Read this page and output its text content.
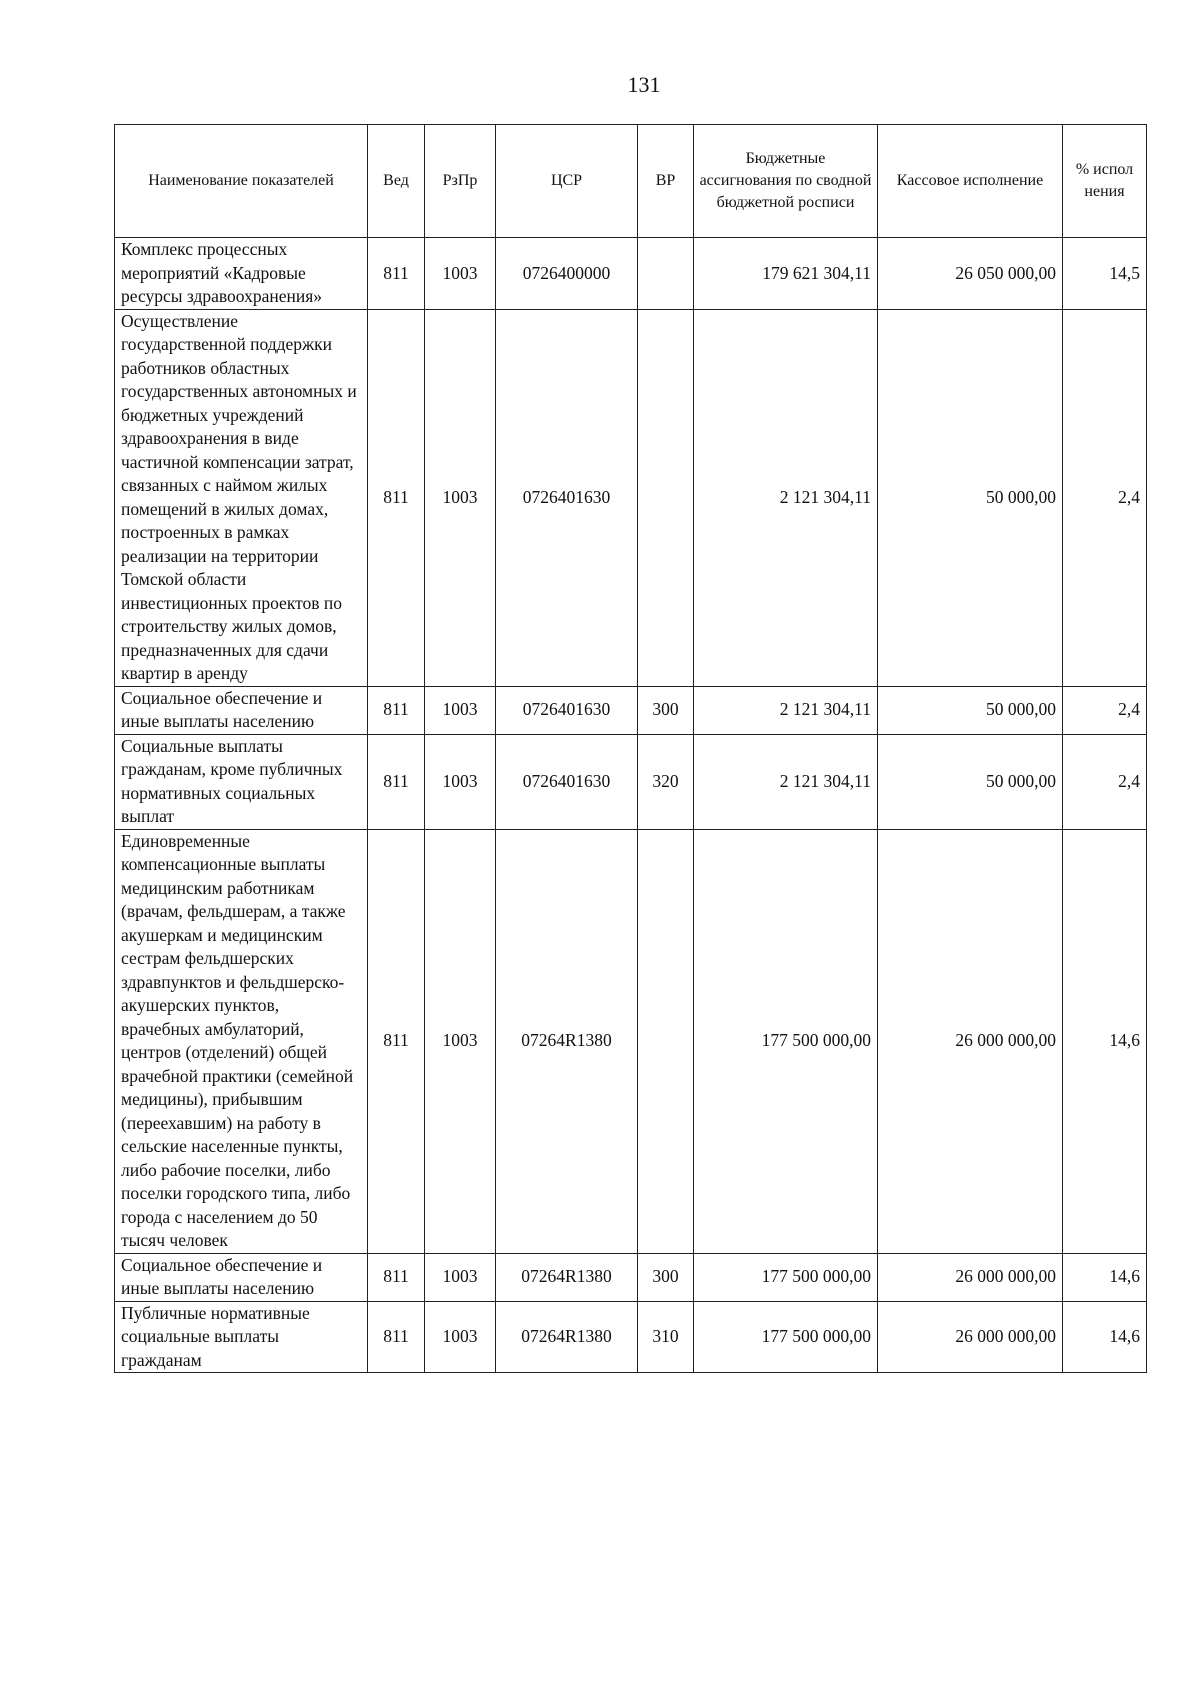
131
Наименование показателей	Вед	РзПр	ЦСР	ВР	Бюджетные ассигнования по сводной бюджетной росписи	Кассовое исполнение	% испол нения
Комплекс процессных мероприятий «Кадровые ресурсы здравоохранения»	811	1003	0726400000		179 621 304,11	26 050 000,00	14,5
Осуществление государственной поддержки работников областных государственных автономных и бюджетных учреждений здравоохранения в виде частичной компенсации затрат, связанных с наймом жилых помещений в жилых домах, построенных в рамках реализации на территории Томской области инвестиционных проектов по строительству жилых домов, предназначенных для сдачи квартир в аренду	811	1003	0726401630		2 121 304,11	50 000,00	2,4
Социальное обеспечение и иные выплаты населению	811	1003	0726401630	300	2 121 304,11	50 000,00	2,4
Социальные выплаты гражданам, кроме публичных нормативных социальных выплат	811	1003	0726401630	320	2 121 304,11	50 000,00	2,4
Единовременные компенсационные выплаты медицинским работникам (врачам, фельдшерам, а также акушеркам и медицинским сестрам фельдшерских здравпунктов и фельдшерско-акушерских пунктов, врачебных амбулаторий, центров (отделений) общей врачебной практики (семейной медицины), прибывшим (переехавшим) на работу в сельские населенные пункты, либо рабочие поселки, либо поселки городского типа, либо города с населением до 50 тысяч человек	811	1003	07264R1380		177 500 000,00	26 000 000,00	14,6
Социальное обеспечение и иные выплаты населению	811	1003	07264R1380	300	177 500 000,00	26 000 000,00	14,6
Публичные нормативные социальные выплаты гражданам	811	1003	07264R1380	310	177 500 000,00	26 000 000,00	14,6
